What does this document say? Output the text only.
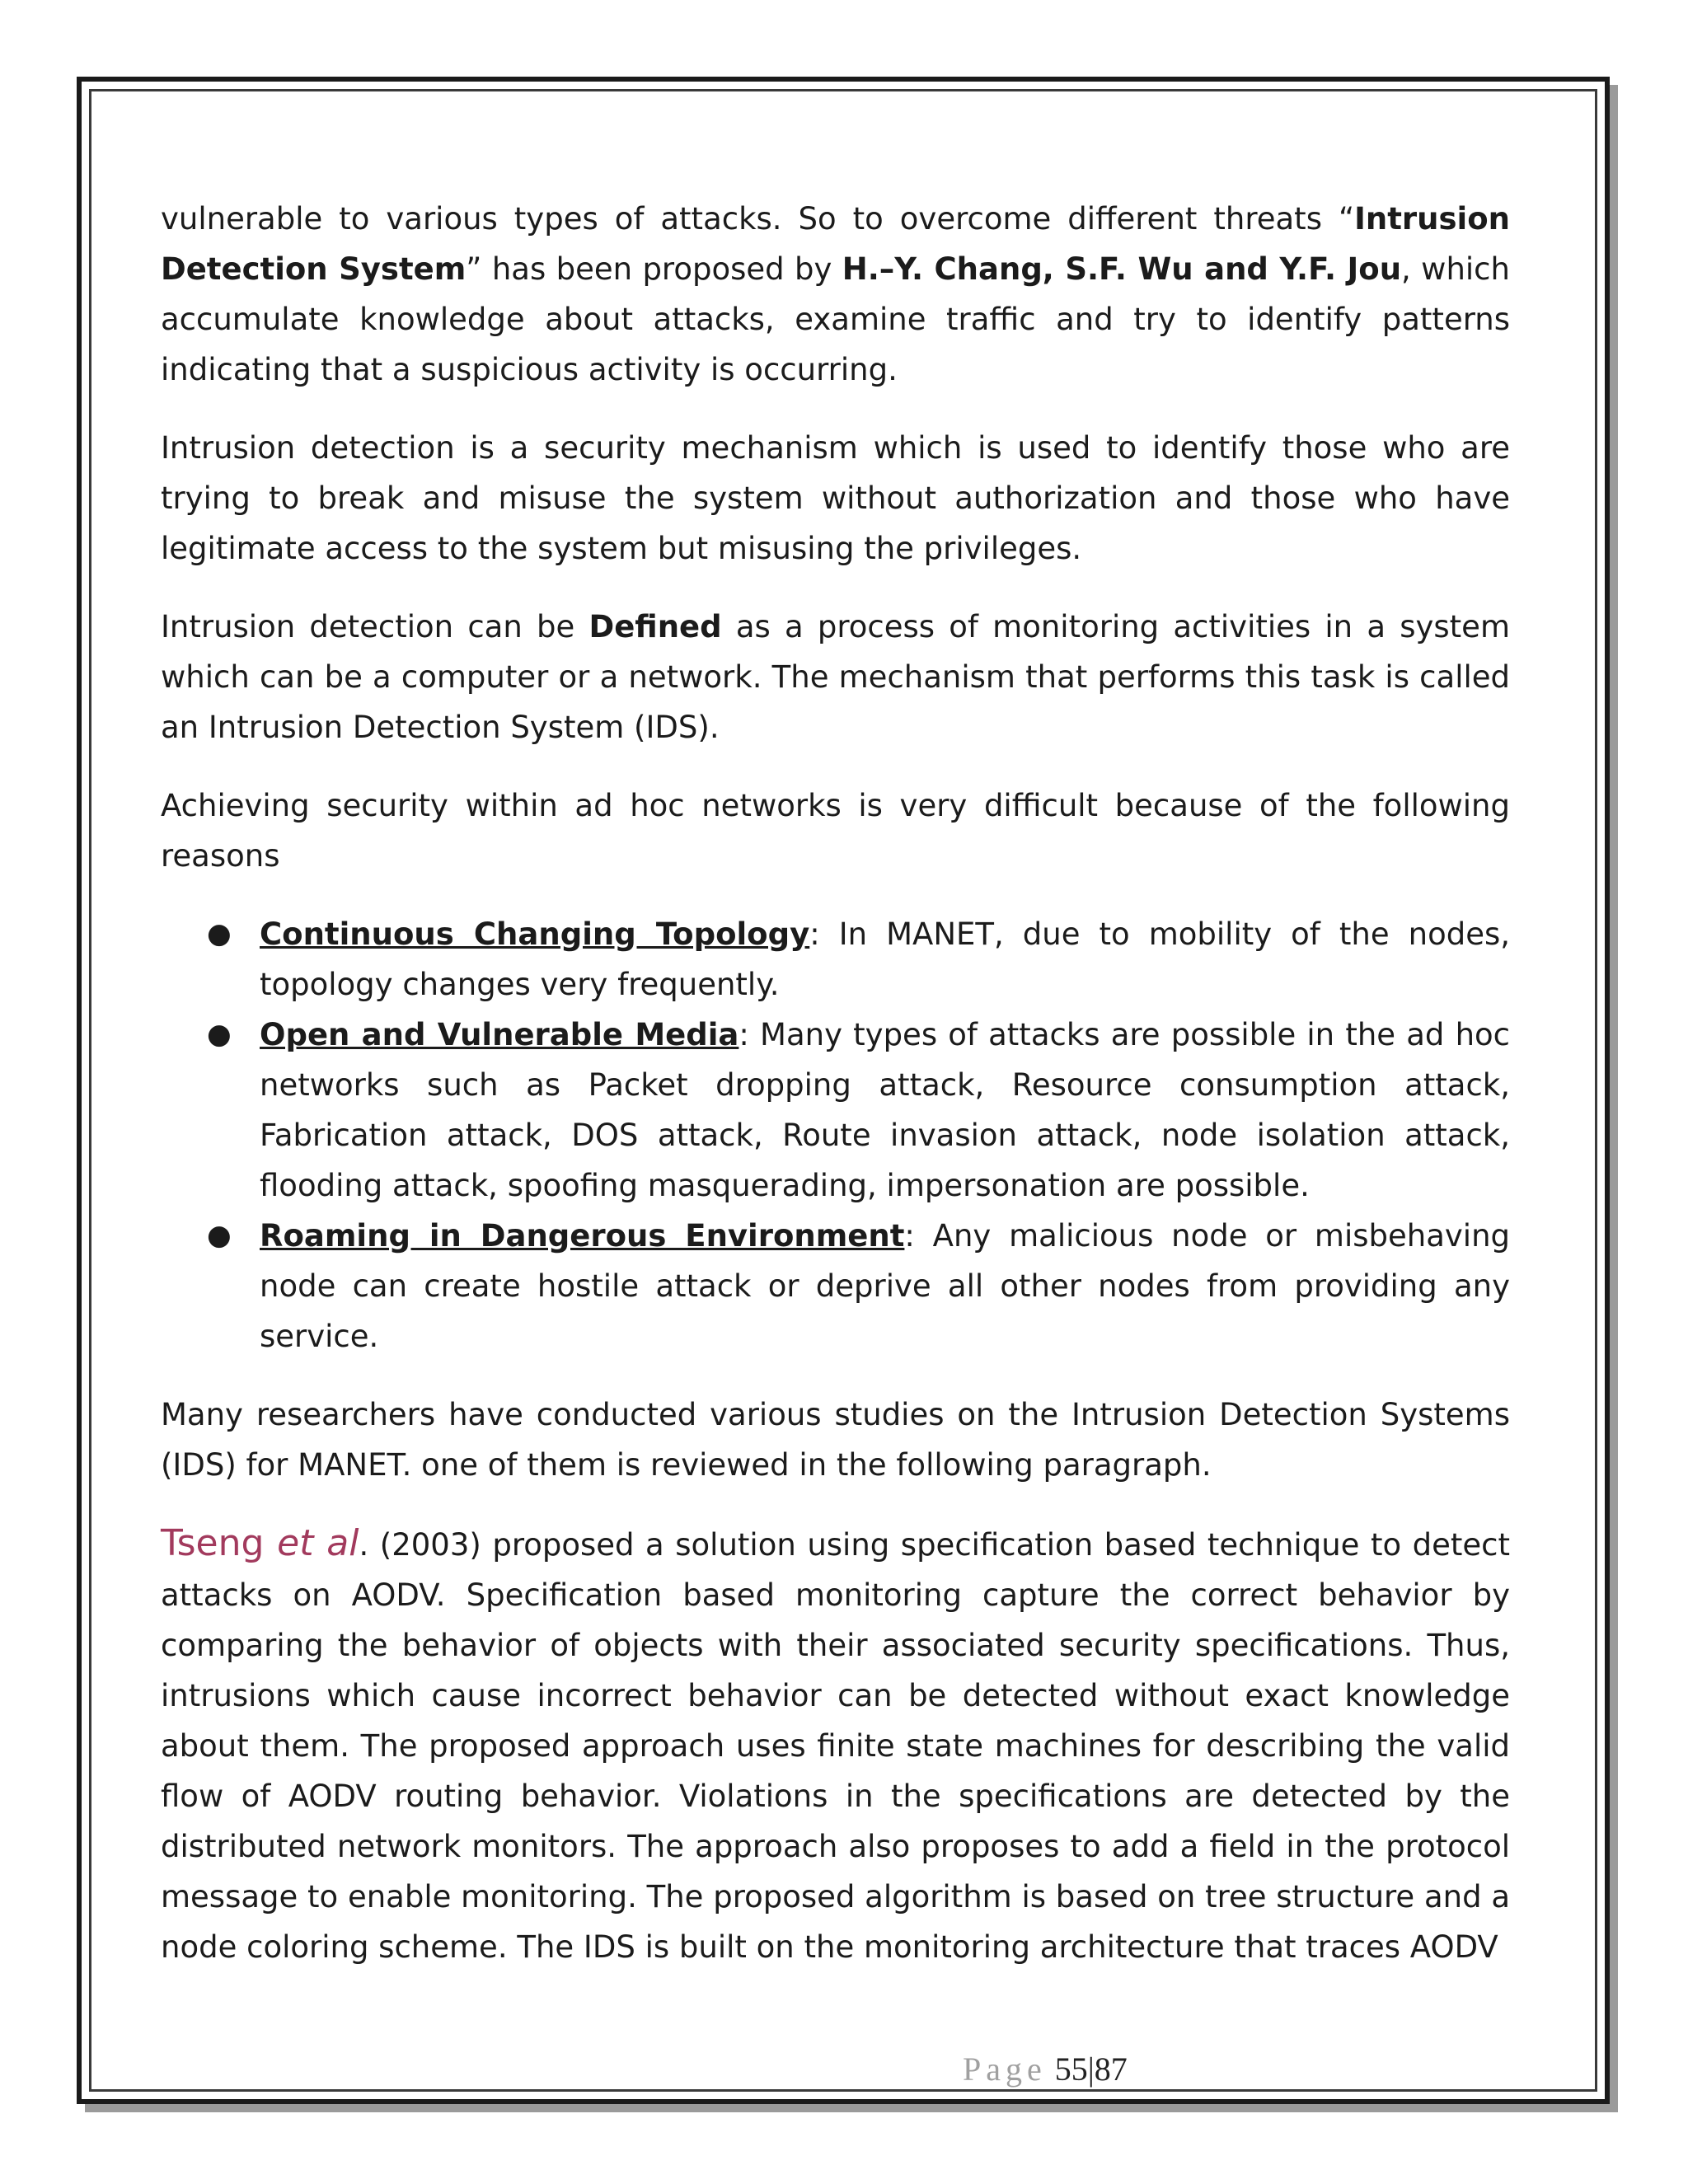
vulnerable to various types of attacks. So to overcome different threats “Intrusion Detection System” has been proposed by H.–Y. Chang, S.F. Wu and Y.F. Jou, which accumulate knowledge about attacks, examine traffic and try to identify patterns indicating that a suspicious activity is occurring.

Intrusion detection is a security mechanism which is used to identify those who are trying to break and misuse the system without authorization and those who have legitimate access to the system but misusing the privileges.

Intrusion detection can be Defined as a process of monitoring activities in a system which can be a computer or a network. The mechanism that performs this task is called an Intrusion Detection System (IDS).

Achieving security within ad hoc networks is very difficult because of the following reasons

● Continuous Changing Topology: In MANET, due to mobility of the nodes, topology changes very frequently.
● Open and Vulnerable Media: Many types of attacks are possible in the ad hoc networks such as Packet dropping attack, Resource consumption attack, Fabrication attack, DOS attack, Route invasion attack, node isolation attack, flooding attack, spoofing masquerading, impersonation are possible.
● Roaming in Dangerous Environment: Any malicious node or misbehaving node can create hostile attack or deprive all other nodes from providing any service.

Many researchers have conducted various studies on the Intrusion Detection Systems (IDS) for MANET. one of them is reviewed in the following paragraph.

Tseng et al. (2003) proposed a solution using specification based technique to detect attacks on AODV. Specification based monitoring capture the correct behavior by comparing the behavior of objects with their associated security specifications. Thus, intrusions which cause incorrect behavior can be detected without exact knowledge about them. The proposed approach uses finite state machines for describing the valid flow of AODV routing behavior. Violations in the specifications are detected by the distributed network monitors. The approach also proposes to add a field in the protocol message to enable monitoring. The proposed algorithm is based on tree structure and a node coloring scheme. The IDS is built on the monitoring architecture that traces AODV

Page 55|87
